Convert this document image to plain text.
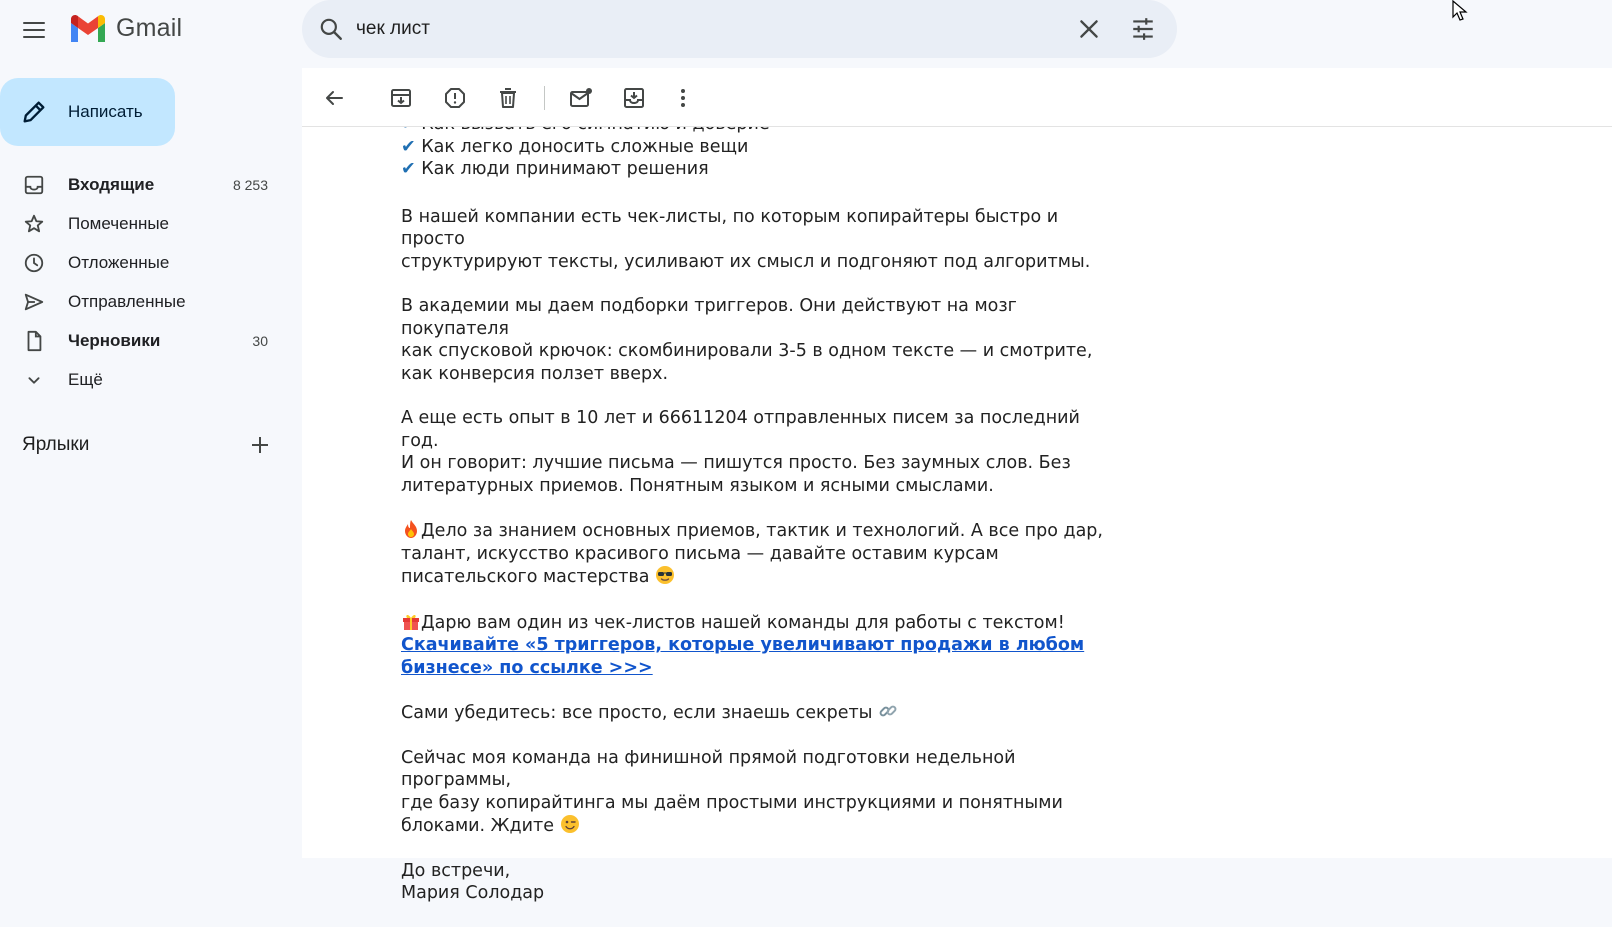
Gmail
чек лист
Написать
Входящие	8 253
Помеченные
Отложенные
Отправленные
Черновики	30
Ещё
Ярлыки

✔ Как легко доносить сложные вещи
✔ Как люди принимают решения

В нашей компании есть чек-листы, по которым копирайтеры быстро и просто
структурируют тексты, усиливают их смысл и подгоняют под алгоритмы.

В академии мы даем подборки триггеров. Они действуют на мозг покупателя
как спусковой крючок: скомбинировали 3-5 в одном тексте — и смотрите,
как конверсия ползет вверх.

А еще есть опыт в 10 лет и 66611204 отправленных писем за последний год.
И он говорит: лучшие письма — пишутся просто. Без заумных слов. Без
литературных приемов. Понятным языком и ясными смыслами.

Дело за знанием основных приемов, тактик и технологий. А все про дар,
талант, искусство красивого письма — давайте оставим курсам
писательского мастерства

Дарю вам один из чек-листов нашей команды для работы с текстом!
Скачивайте «5 триггеров, которые увеличивают продажи в любом
бизнесе» по ссылке >>>

Сами убедитесь: все просто, если знаешь секреты

Сейчас моя команда на финишной прямой подготовки недельной программы,
где базу копирайтинга мы даём простыми инструкциями и понятными
блоками. Ждите

До встречи,
Мария Солодар
